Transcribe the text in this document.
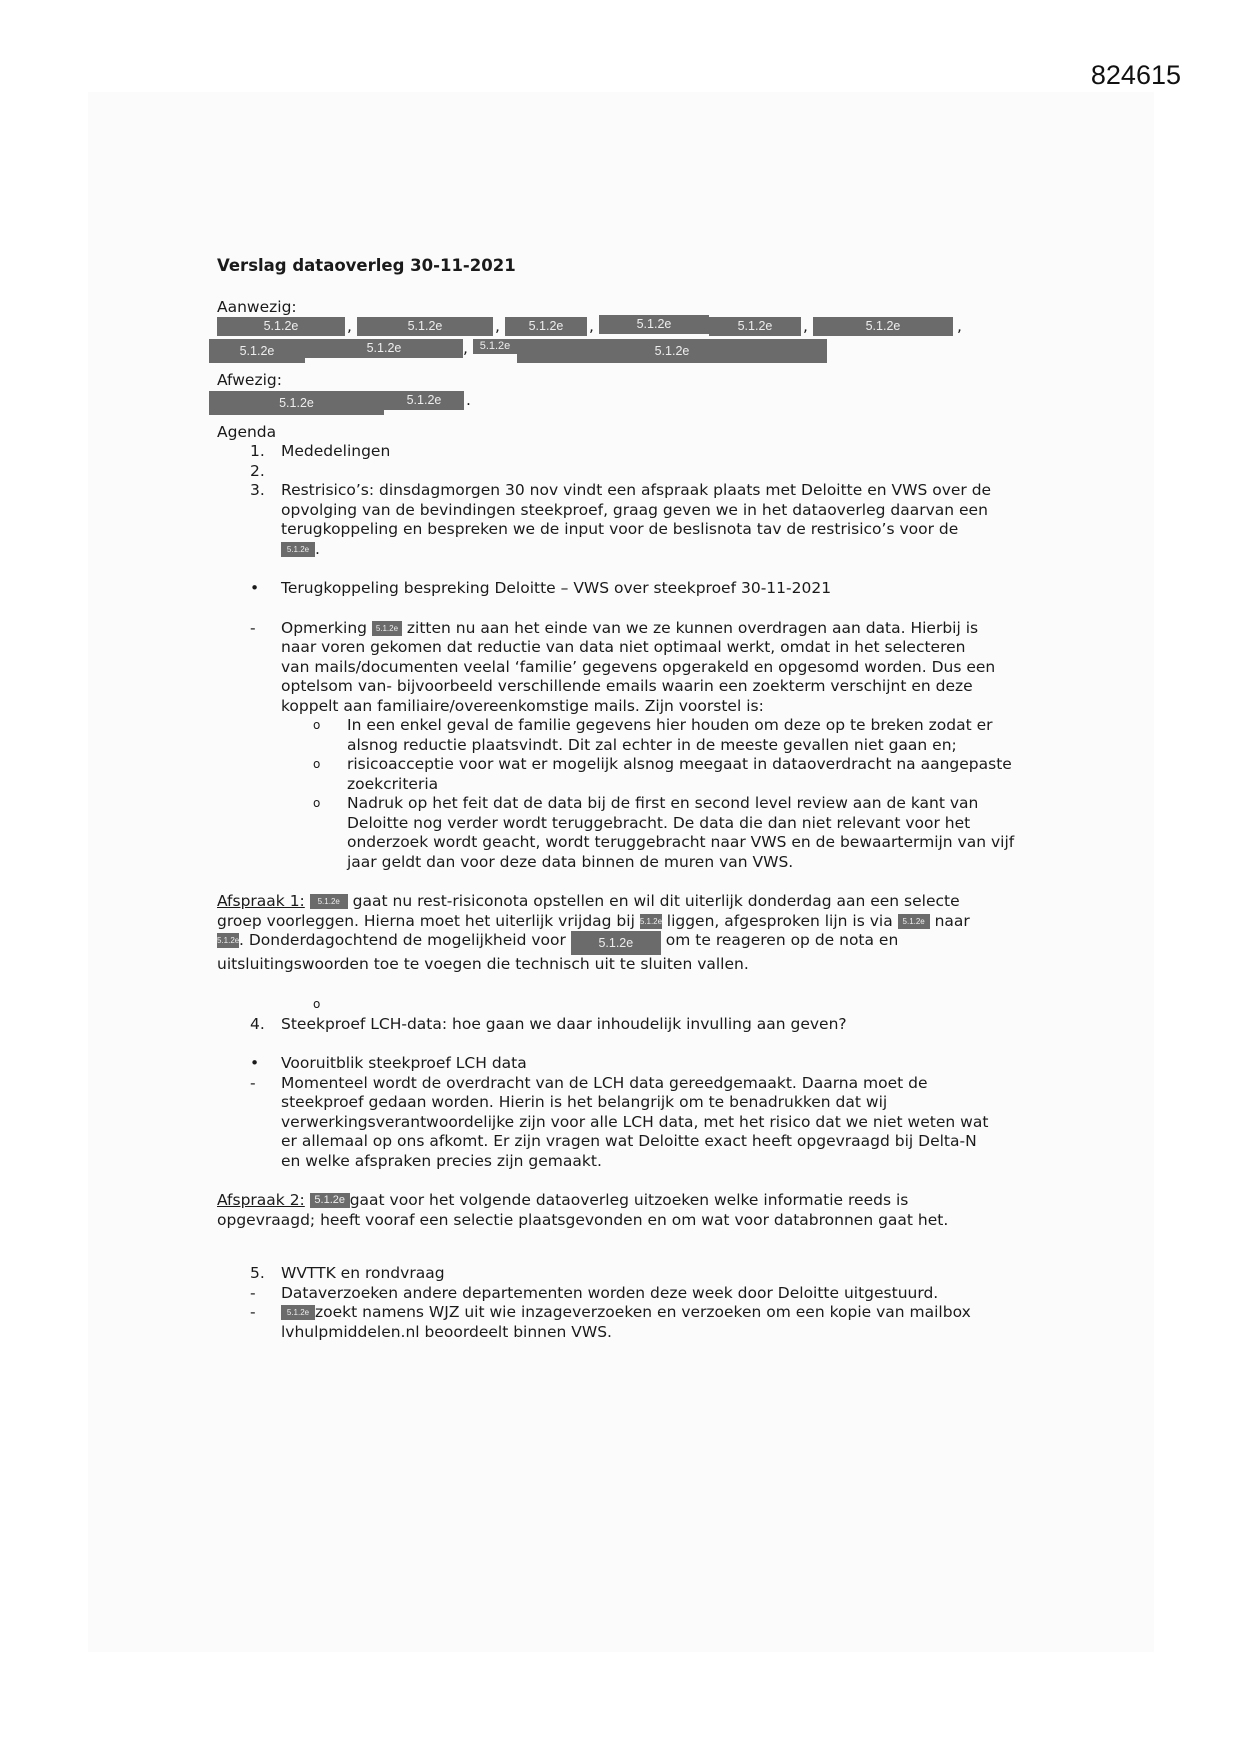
824615
Verslag dataoverleg 30-11-2021
Aanwezig:
5.1.2e	,	5.1.2e	,	5.1.2e	,	5.1.2e	5.1.2e	,	5.1.2e	,
5.1.2e	5.1.2e	,	5.1.2e	5.1.2e
Afwezig:
5.1.2e	5.1.2e	.
Agenda
1. Mededelingen
2.

3. Restrisico’s: dinsdagmorgen 30 nov vindt een afspraak plaats met Deloitte en VWS over de
opvolging van de bevindingen steekproef, graag geven we in het dataoverleg daarvan een
terugkoppeling en bespreken we de input voor de beslisnota tav de restrisico’s voor de
5.1.2e .
• Terugkoppeling bespreking Deloitte – VWS over steekproef 30-11-2021
- Opmerking 5.1.2e zitten nu aan het einde van we ze kunnen overdragen aan data. Hierbij is
naar voren gekomen dat reductie van data niet optimaal werkt, omdat in het selecteren
van mails/documenten veelal ‘familie’ gegevens opgerakeld en opgesomd worden. Dus een
optelsom van- bijvoorbeeld verschillende emails waarin een zoekterm verschijnt en deze
koppelt aan familiaire/overeenkomstige mails. Zijn voorstel is:
o In een enkel geval de familie gegevens hier houden om deze op te breken zodat er alsnog reductie plaatsvindt. Dit zal echter in de meeste gevallen niet gaan en;
o risicoacceptie voor wat er mogelijk alsnog meegaat in dataoverdracht na aangepaste zoekcriteria
o Nadruk op het feit dat de data bij de first en second level review aan de kant van Deloitte nog verder wordt teruggebracht. De data die dan niet relevant voor het onderzoek wordt geacht, wordt teruggebracht naar VWS en de bewaartermijn van vijf jaar geldt dan voor deze data binnen de muren van VWS.
Afspraak 1: 5.1.2e gaat nu rest-risiconota opstellen en wil dit uiterlijk donderdag aan een selecte
groep voorleggen. Hierna moet het uiterlijk vrijdag bij 5.1.2e liggen, afgesproken lijn is via 5.1.2e naar
5.1.2e. Donderdagochtend de mogelijkheid voor	5.1.2e om te reageren op de nota en
uitsluitingswoorden toe te voegen die technisch uit te sluiten vallen.
o
4. Steekproef LCH-data: hoe gaan we daar inhoudelijk invulling aan geven?
• Vooruitblik steekproef LCH data
- Momenteel wordt de overdracht van de LCH data gereedgemaakt. Daarna moet de
steekproef gedaan worden. Hierin is het belangrijk om te benadrukken dat wij
verwerkingsverantwoordelijke zijn voor alle LCH data, met het risico dat we niet weten wat
er allemaal op ons afkomt. Er zijn vragen wat Deloitte exact heeft opgevraagd bij Delta-N
en welke afspraken precies zijn gemaakt.
Afspraak 2: 5.1.2e gaat voor het volgende dataoverleg uitzoeken welke informatie reeds is
opgevraagd; heeft vooraf een selectie plaatsgevonden en om wat voor databronnen gaat het.
5. WVTTK en rondvraag
- Dataverzoeken andere departementen worden deze week door Deloitte uitgestuurd.
-	5.1.2e zoekt namens WJZ uit wie inzageverzoeken en verzoeken om een kopie van mailbox
lvhulpmiddelen.nl beoordeelt binnen VWS.
